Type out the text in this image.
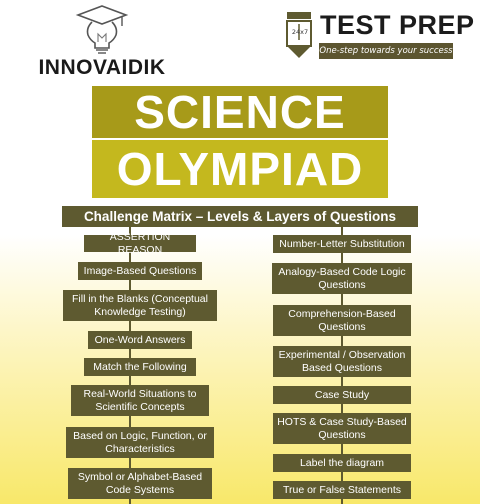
INNOVAIDIK
24x7 TEST PREP
One-step towards your success
SCIENCE
OLYMPIAD
Challenge Matrix – Levels & Layers of Questions
ASSERTION REASON
Image-Based Questions
Fill in the Blanks (Conceptual Knowledge Testing)
One-Word Answers
Match the Following
Real-World Situations to Scientific Concepts
Based on Logic, Function, or Characteristics
Symbol or Alphabet-Based Code Systems
Number-Letter Substitution
Analogy-Based Code Logic Questions
Comprehension-Based Questions
Experimental / Observation Based Questions
Case Study
HOTS & Case Study-Based Questions
Label the diagram
True or False Statements
